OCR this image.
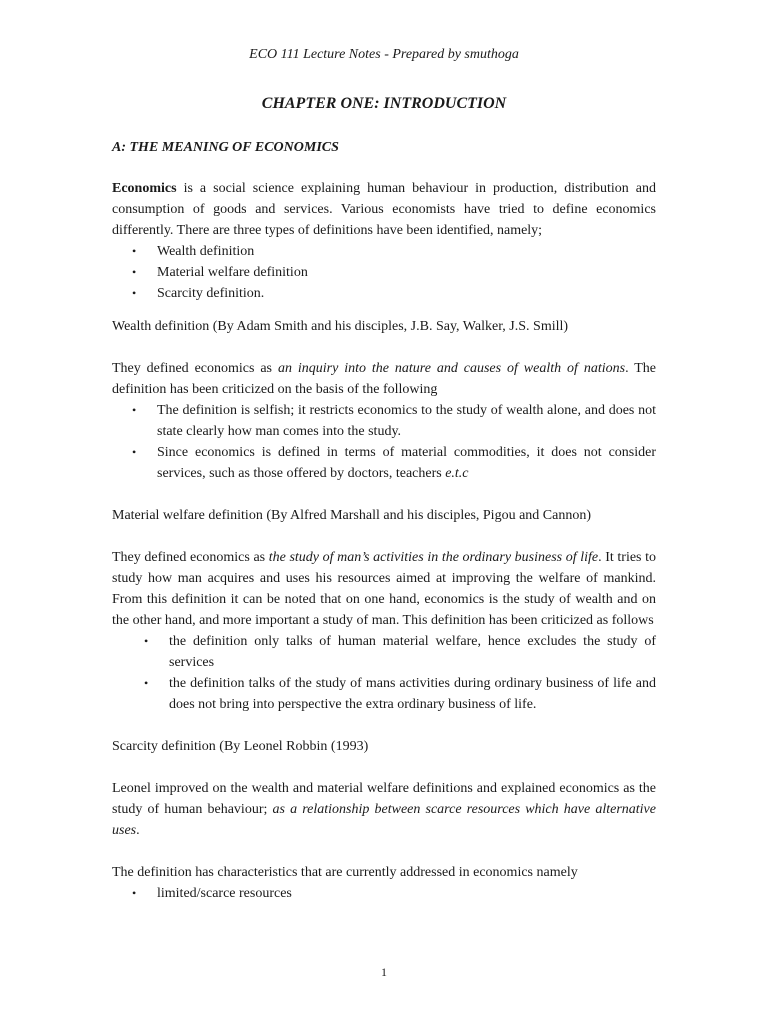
ECO 111 Lecture Notes - Prepared by smuthoga
CHAPTER ONE: INTRODUCTION
A: THE MEANING OF ECONOMICS

Economics is a social science explaining human behaviour in production, distribution and consumption of goods and services. Various economists have tried to define economics differently. There are three types of definitions have been identified, namely;

• Wealth definition
• Material welfare definition
• Scarcity definition.

Wealth definition (By Adam Smith and his disciples, J.B. Say, Walker, J.S. Smill)

They defined economics as an inquiry into the nature and causes of wealth of nations. The definition has been criticized on the basis of the following

• The definition is selfish; it restricts economics to the study of wealth alone, and does not state clearly how man comes into the study.
• Since economics is defined in terms of material commodities, it does not consider services, such as those offered by doctors, teachers e.t.c

Material welfare definition (By Alfred Marshall and his disciples, Pigou and Cannon)

They defined economics as the study of man’s activities in the ordinary business of life. It tries to study how man acquires and uses his resources aimed at improving the welfare of mankind. From this definition it can be noted that on one hand, economics is the study of wealth and on the other hand, and more important a study of man. This definition has been criticized as follows

• the definition only talks of human material welfare, hence excludes the study of services
• the definition talks of the study of mans activities during ordinary business of life and does not bring into perspective the extra ordinary business of life.

Scarcity definition (By Leonel Robbin (1993)

Leonel improved on the wealth and material welfare definitions and explained economics as the study of human behaviour; as a relationship between scarce resources which have alternative uses.

The definition has characteristics that are currently addressed in economics namely

• limited/scarce resources
1
